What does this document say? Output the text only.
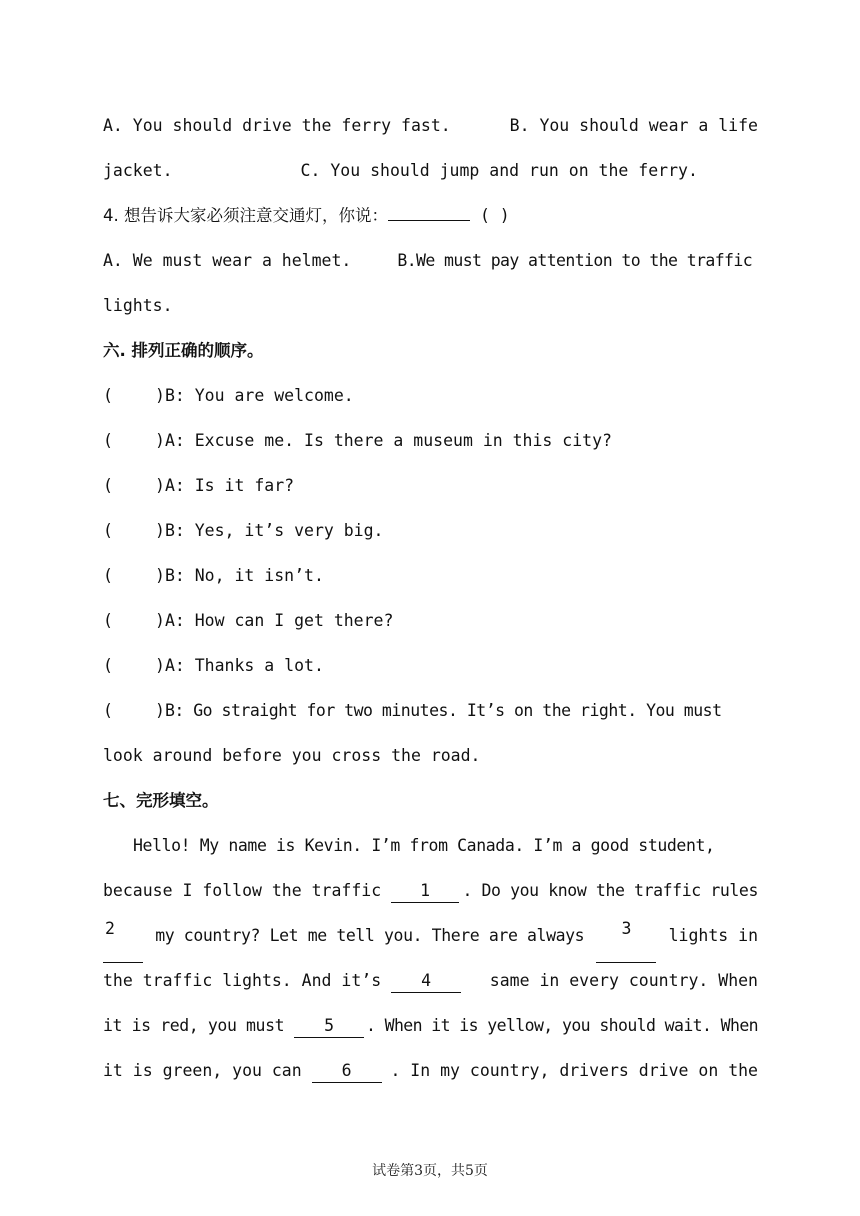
A. You should drive the ferry fast.	B. You should wear a life
jacket.	C. You should jump and run on the ferry.
4. 想告诉大家必须注意交通灯，你说：	( )
A. We must wear a helmet.	B.We must pay attention to the traffic
lights.
六. 排列正确的顺序。
(	)B: You are welcome.
(	)A: Excuse me. Is there a museum in this city?
(	)A: Is it far?
(	)B: Yes, it’s very big.
(	)B: No, it isn’t.
(	)A: How can I get there?
(	)A: Thanks a lot.
(	)B: Go straight for two minutes. It’s on the right. You must
look around before you cross the road.
七、完形填空。
Hello! My name is Kevin. I’m from Canada. I’m a good student,
because I follow the traffic 1	. Do you know the traffic rules
2	my country? Let me tell you. There are always	3	lights in
the traffic lights. And it’s 4	same in every country. When
it is red, you must 5	. When it is yellow, you should wait. When
it is green, you can 6	. In my country, drivers drive on the
试卷第3页，共5页
